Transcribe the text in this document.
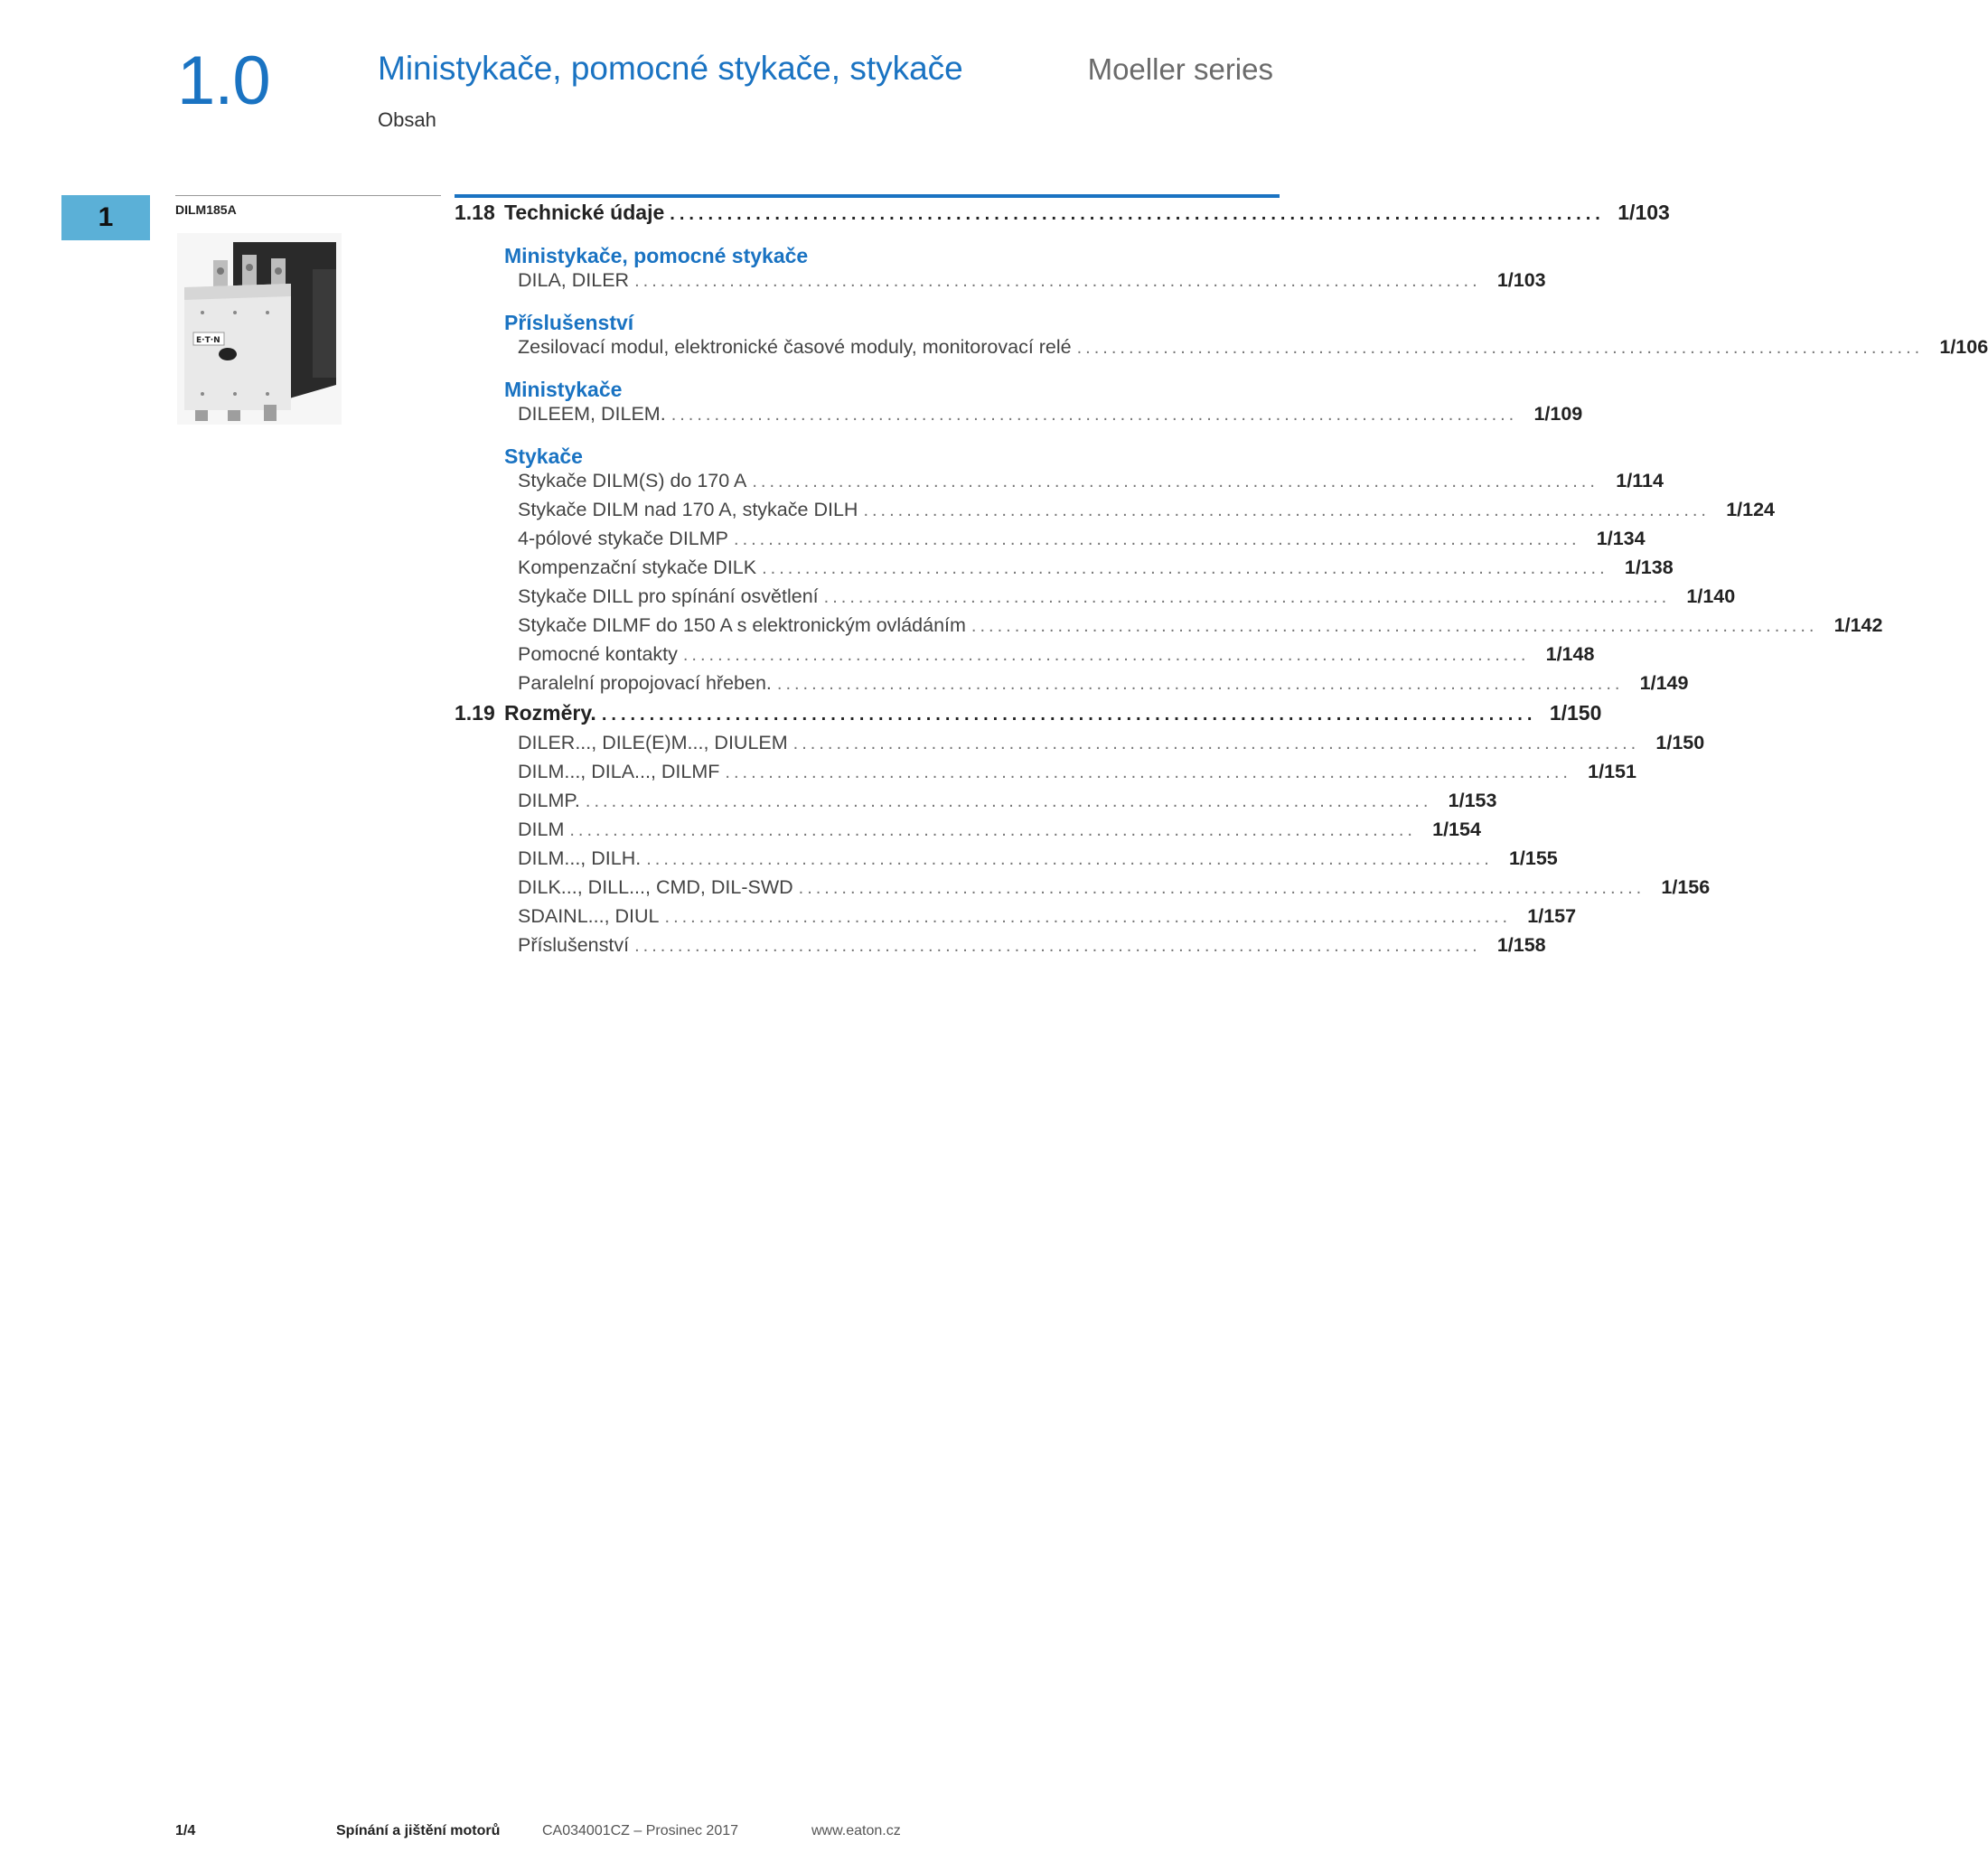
1.0	Ministykače, pomocné stykače, stykače
Obsah
Moeller series
1	DILM185A
E·T·N
1.18 Technické údaje .................................................................................................. 1/103
Ministykače, pomocné stykače
DILA, DILER .................................................................................................. 1/103
Příslušenství
Zesilovací modul, elektronické časové moduly, monitorovací relé .................................................................................................. 1/106
Ministykače
DILEEM, DILEM. .................................................................................................. 1/109
Stykače
Stykače DILM(S) do 170 A .................................................................................................. 1/114
Stykače DILM nad 170 A, stykače DILH .................................................................................................. 1/124
4-pólové stykače DILMP .................................................................................................. 1/134
Kompenzační stykače DILK .................................................................................................. 1/138
Stykače DILL pro spínání osvětlení .................................................................................................. 1/140
Stykače DILMF do 150 A s elektronickým ovládáním .................................................................................................. 1/142
Pomocné kontakty .................................................................................................. 1/148
Paralelní propojovací hřeben. .................................................................................................. 1/149
1.19 Rozměry. .................................................................................................. 1/150
DILER..., DILE(E)M..., DIULEM .................................................................................................. 1/150
DILM..., DILA..., DILMF .................................................................................................. 1/151
DILMP. .................................................................................................. 1/153
DILM .................................................................................................. 1/154
DILM..., DILH. .................................................................................................. 1/155
DILK..., DILL..., CMD, DIL-SWD .................................................................................................. 1/156
SDAINL..., DIUL .................................................................................................. 1/157
Příslušenství .................................................................................................. 1/158
1/4	Spínání a jištění motorů	CA034001CZ – Prosinec 2017	www.eaton.cz
